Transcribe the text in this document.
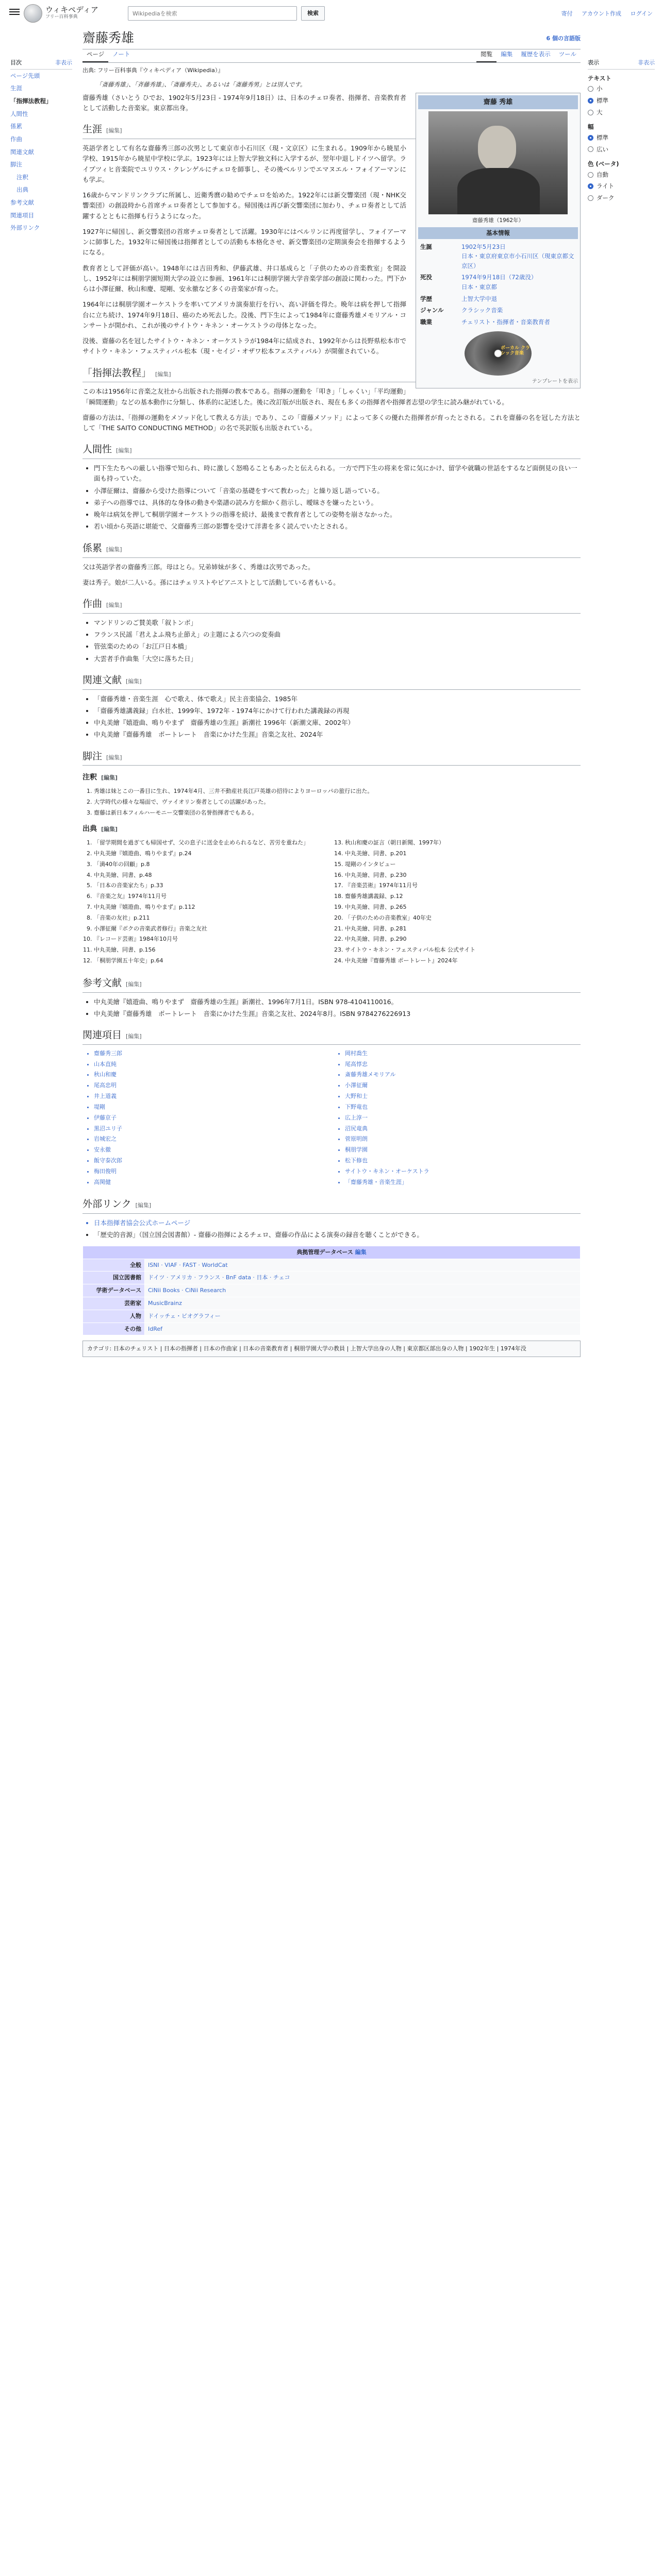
ウィキペディア
フリー百科事典
Wikipediaを検索
検索	寄付 アカウント作成 ログイン
目次	非表示
ページ先頭
生涯
「指揮法教程」
人間性
係累
作曲
関連文献
脚注
注釈
出典
参考文献
関連項目
外部リンク
表示	非表示
テキスト
小
標準
大
幅
標準
広い
色 (ベータ)
自動
ライト
ダーク
齋藤秀雄	6 個の言語版
ページ ノート	閲覧 編集 履歴を表示 ツール
出典: フリー百科事典『ウィキペディア（Wikipedia）』
「斎藤秀雄」、「斉藤秀雄」、「斎藤秀夫」、あるいは「斎藤秀男」とは別人です。
齋藤 秀雄
齋藤秀雄（1962年）
基本情報
生誕	1902年5月23日
日本・東京府東京市小石川区（現東京都文京区）
死没	1974年9月18日（72歳没）
日本・東京都
学歴	上智大学中退
ジャンル	クラシック音楽
職業	チェリスト・指揮者・音楽教育者
ボーカル クラシック音楽
テンプレートを表示

齋藤秀雄（さいとう ひでお、1902年5月23日 - 1974年9月18日）は、日本のチェロ奏者、指揮者、音楽教育者として活動した音楽家。東京都出身。

生涯 [編集]

英語学者として有名な齋藤秀三郎の次男として東京市小石川区（現・文京区）に生まれる。1909年から暁星小学校、1915年から暁星中学校に学ぶ。1923年には上智大学独文科に入学するが、翌年中退しドイツへ留学。ライプツィヒ音楽院でユリウス・クレンゲルにチェロを師事し、その後ベルリンでエマヌエル・フォイアーマンにも学ぶ。

16歳からマンドリンクラブに所属し、近衛秀麿の勧めでチェロを始めた。1922年には新交響楽団（現・NHK交響楽団）の創設時から首席チェロ奏者として参加する。帰国後は再び新交響楽団に加わり、チェロ奏者として活躍するとともに指揮も行うようになった。

1927年に帰国し、新交響楽団の首席チェロ奏者として活躍。1930年にはベルリンに再度留学し、フォイアーマンに師事した。1932年に帰国後は指揮者としての活動も本格化させ、新交響楽団の定期演奏会を指揮するようになる。

教育者として評価が高い。1948年には吉田秀和、伊藤武雄、井口基成らと「子供のための音楽教室」を開設し、1952年には桐朋学園短期大学の設立に参画、1961年には桐朋学園大学音楽学部の創設に関わった。門下からは小澤征爾、秋山和慶、堤剛、安永徹など多くの音楽家が育った。

1964年には桐朋学園オーケストラを率いてアメリカ演奏旅行を行い、高い評価を得た。晩年は病を押して指揮台に立ち続け、1974年9月18日、癌のため死去した。没後、門下生によって1984年に齋藤秀雄メモリアル・コンサートが開かれ、これが後のサイトウ・キネン・オーケストラの母体となった。

没後、齋藤の名を冠したサイトウ・キネン・オーケストラが1984年に結成され、1992年からは長野県松本市でサイトウ・キネン・フェスティバル松本（現・セイジ・オザワ松本フェスティバル）が開催されている。

「指揮法教程」 [編集]

この本は1956年に音楽之友社から出版された指揮の教本である。指揮の運動を「叩き」「しゃくい」「平均運動」「瞬間運動」などの基本動作に分類し、体系的に記述した。後に改訂版が出版され、現在も多くの指揮者や指揮者志望の学生に読み継がれている。

齋藤の方法は、「指揮の運動をメソッド化して教える方法」であり、この「齋藤メソッド」によって多くの優れた指揮者が育ったとされる。これを齋藤の名を冠した方法として「THE SAITO CONDUCTING METHOD」の名で英訳版も出版されている。

人間性 [編集]
• 門下生たちへの厳しい指導で知られ、時に激しく怒鳴ることもあったと伝えられる。一方で門下生の将来を常に気にかけ、留学や就職の世話をするなど面倒見の良い一面も持っていた。
• 小澤征爾は、齋藤から受けた指導について「音楽の基礎をすべて教わった」と繰り返し語っている。
• 弟子への指導では、具体的な身体の動きや楽譜の読み方を細かく指示し、曖昧さを嫌ったという。
• 晩年は病気を押して桐朋学園オーケストラの指導を続け、最後まで教育者としての姿勢を崩さなかった。
• 若い頃から英語に堪能で、父齋藤秀三郎の影響を受けて洋書を多く読んでいたとされる。
係累 [編集]

父は英語学者の齋藤秀三郎。母はとら。兄弟姉妹が多く、秀雄は次男であった。

妻は秀子。娘が二人いる。孫にはチェリストやピアニストとして活動している者もいる。

作曲 [編集]
• マンドリンのご賛美歌「叙トンボ」
• フランス民謡「君えよふ飛ち止節え」の主題による六つの変奏曲
• 管弦楽のための「お江戸日本橋」
• 大雲者手作曲集「大空に落ちた日」
関連文献 [編集]
• 「齋藤秀雄・音楽生涯　心で歌え、体で歌え」民主音楽協会、1985年
• 「齋藤秀雄講義録」白水社、1999年、1972年 - 1974年にかけて行われた講義録の再現
• 中丸美繪『嬉遊曲、鳴りやまず　齋藤秀雄の生涯』新潮社 1996年（新潮文庫、2002年）
• 中丸美繪『齋藤秀雄　ポートレート　音楽にかけた生涯』音楽之友社、2024年
脚注 [編集]
注釈 [編集]
1. 秀雄は妹とこの一番目に生れ、1974年4月、三井不動産社長江戸英雄の招待によりヨーロッパの旅行に出た。
2. 大学時代の様々な場面で、ヴァイオリン奏者としての活躍があった。
3. 齋藤は新日本フィルハーモニー交響楽団の名誉指揮者でもある。
出典 [編集]
1. 「留学期間を過ぎても帰国せず、父の息子に送金を止められるなど、苦労を重ねた」
2. 中丸美繪『嬉遊曲、鳴りやまず』p.24
3. 「満40年の回顧」p.8
4. 中丸美繪、同書、p.48
5. 「日本の音楽家たち」p.33
6. 『音楽之友』1974年11月号
7. 中丸美繪『嬉遊曲、鳴りやまず』p.112
8. 「音楽の友社」p.211
9. 小澤征爾『ボクの音楽武者修行』音楽之友社
10. 『レコード芸術』1984年10月号
11. 中丸美繪、同書、p.156
12. 「桐朋学園五十年史」p.64
13. 秋山和慶の証言（朝日新聞、1997年）
14. 中丸美繪、同書、p.201
15. 堤剛のインタビュー
16. 中丸美繪、同書、p.230
17. 『音楽芸術』1974年11月号
18. 齋藤秀雄講義録、p.12
19. 中丸美繪、同書、p.265
20. 「子供のための音楽教室」40年史
21. 中丸美繪、同書、p.281
22. 中丸美繪、同書、p.290
23. サイトウ・キネン・フェスティバル松本 公式サイト
24. 中丸美繪『齋藤秀雄 ポートレート』2024年
参考文献 [編集]
• 中丸美繪『嬉遊曲、鳴りやまず　齋藤秀雄の生涯』新潮社、1996年7月1日。ISBN 978-4104110016。
• 中丸美繪『齋藤秀雄　ポートレート　音楽にかけた生涯』音楽之友社、2024年8月。ISBN 9784276226913
関連項目 [編集]
• 齋藤秀三郎
• 山本直純
• 秋山和慶
• 尾高忠明
• 井上道義
• 堤剛
• 伊藤京子
• 黒沼ユリ子
• 岩城宏之
• 安永徹
• 飯守泰次郎
• 梅田俊明
• 高関健
• 岡村喬生
• 尾高惇忠
• 斎藤秀雄メモリアル
• 小澤征爾
• 大野和士
• 下野竜也
• 広上淳一
• 沼尻竜典
• 菅原明朗
• 桐朋学園
• 松下修也
• サイトウ・キネン・オーケストラ
• 「齋藤秀雄・音楽生涯」
外部リンク [編集]
• 日本指揮者協会公式ホームページ
• 「歴史的音源」（国立国会図書館）- 齋藤の指揮によるチェロ、齋藤の作品による演奏の録音を聴くことができる。
典拠管理データベース 編集	
全般	ISNI · VIAF · FAST · WorldCat
国立図書館	ドイツ · アメリカ · フランス · BnF data · 日本 · チェコ
学術データベース	CiNii Books · CiNii Research
芸術家	MusicBrainz
人物	ドイッチェ・ビオグラフィー
その他	IdRef
カテゴリ: 日本のチェリスト | 日本の指揮者 | 日本の作曲家 | 日本の音楽教育者 | 桐朋学園大学の教員 | 上智大学出身の人物 | 東京都区部出身の人物 | 1902年生 | 1974年没
